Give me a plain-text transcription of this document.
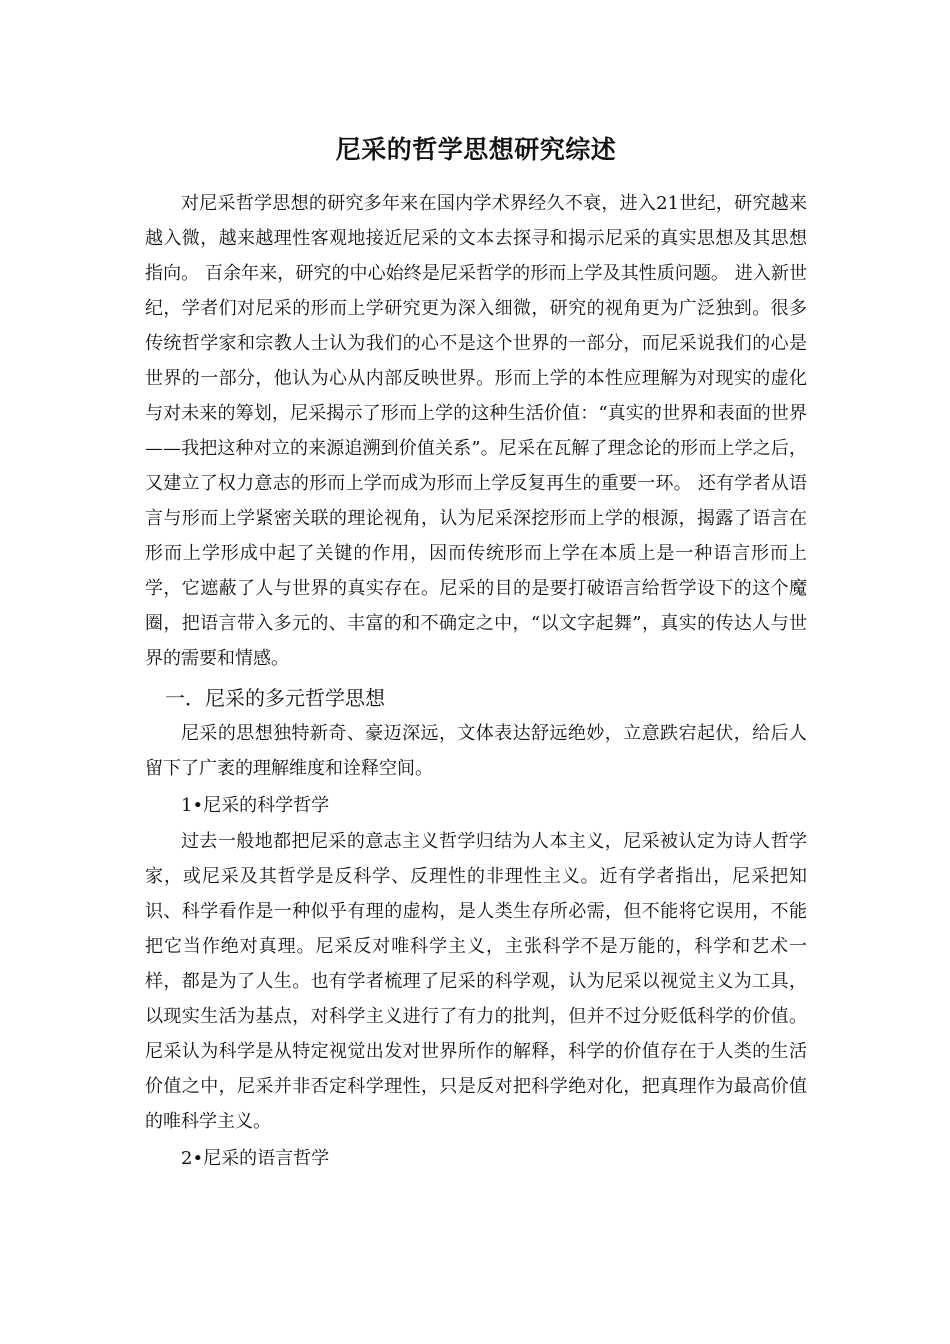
尼采的哲学思想研究综述

对尼采哲学思想的研究多年来在国内学术界经久不衰，进入21世纪，研究越来越入微，越来越理性客观地接近尼采的文本去探寻和揭示尼采的真实思想及其思想指向。 百余年来，研究的中心始终是尼采哲学的形而上学及其性质问题。 进入新世纪，学者们对尼采的形而上学研究更为深入细微，研究的视角更为广泛独到。很多传统哲学家和宗教人士认为我们的心不是这个世界的一部分，而尼采说我们的心是世界的一部分，他认为心从内部反映世界。形而上学的本性应理解为对现实的虚化与对未来的筹划，尼采揭示了形而上学的这种生活价值：“真实的世界和表面的世界——我把这种对立的来源追溯到价值关系”。尼采在瓦解了理念论的形而上学之后，又建立了权力意志的形而上学而成为形而上学反复再生的重要一环。 还有学者从语言与形而上学紧密关联的理论视角，认为尼采深挖形而上学的根源，揭露了语言在形而上学形成中起了关键的作用，因而传统形而上学在本质上是一种语言形而上学，它遮蔽了人与世界的真实存在。尼采的目的是要打破语言给哲学设下的这个魔圈，把语言带入多元的、丰富的和不确定之中，“以文字起舞”，真实的传达人与世界的需要和情感。

一．尼采的多元哲学思想

尼采的思想独特新奇、豪迈深远，文体表达舒远绝妙，立意跌宕起伏，给后人留下了广袤的理解维度和诠释空间。

1•尼采的科学哲学

过去一般地都把尼采的意志主义哲学归结为人本主义，尼采被认定为诗人哲学家，或尼采及其哲学是反科学、反理性的非理性主义。近有学者指出，尼采把知识、科学看作是一种似乎有理的虚构，是人类生存所必需，但不能将它误用，不能把它当作绝对真理。尼采反对唯科学主义，主张科学不是万能的，科学和艺术一样，都是为了人生。也有学者梳理了尼采的科学观，认为尼采以视觉主义为工具，以现实生活为基点，对科学主义进行了有力的批判，但并不过分贬低科学的价值。尼采认为科学是从特定视觉出发对世界所作的解释，科学的价值存在于人类的生活价值之中，尼采并非否定科学理性，只是反对把科学绝对化，把真理作为最高价值的唯科学主义。

2•尼采的语言哲学
